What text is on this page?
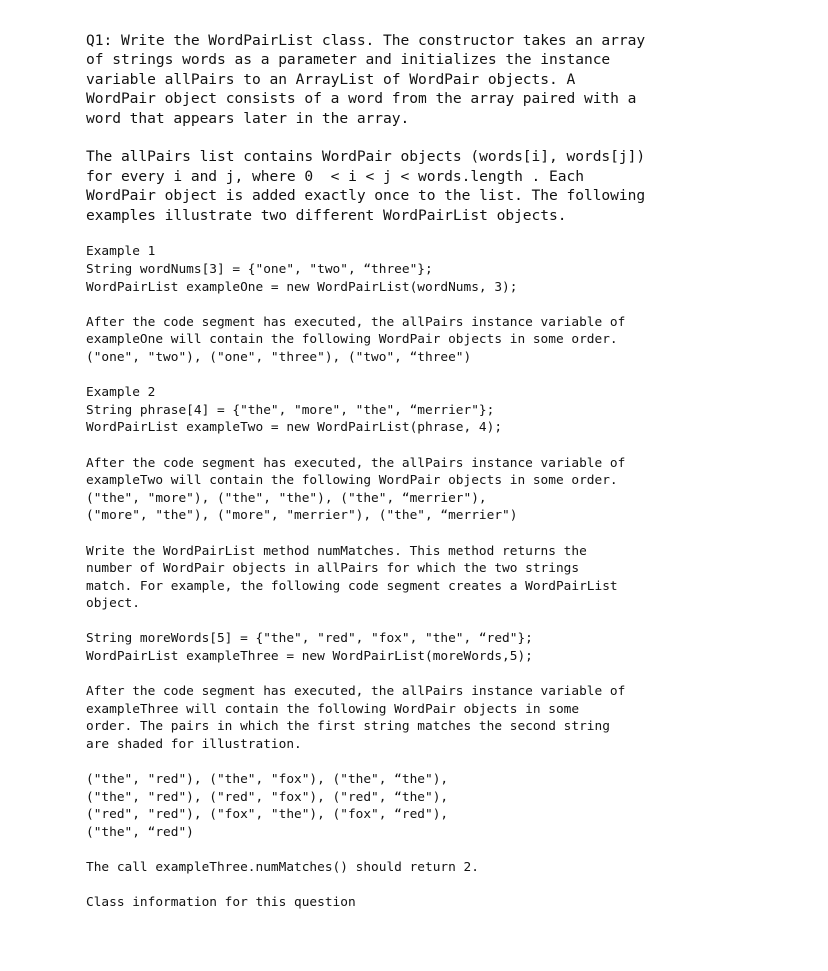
Q1: Write the WordPairList class. The constructor takes an array
of strings words as a parameter and initializes the instance
variable allPairs to an ArrayList of WordPair objects. A
WordPair object consists of a word from the array paired with a
word that appears later in the array.
The allPairs list contains WordPair objects (words[i], words[j])
for every i and j, where 0  < i < j < words.length . Each
WordPair object is added exactly once to the list. The following
examples illustrate two different WordPairList objects.
Example 1
String wordNums[3] = {"one", "two", “three"};
WordPairList exampleOne = new WordPairList(wordNums, 3);
After the code segment has executed, the allPairs instance variable of
exampleOne will contain the following WordPair objects in some order.
("one", "two"), ("one", "three"), ("two", “three")
Example 2
String phrase[4] = {"the", "more", "the", “merrier"};
WordPairList exampleTwo = new WordPairList(phrase, 4);
After the code segment has executed, the allPairs instance variable of
exampleTwo will contain the following WordPair objects in some order.
("the", "more"), ("the", "the"), ("the", “merrier"),
("more", "the"), ("more", "merrier"), ("the", “merrier")
Write the WordPairList method numMatches. This method returns the
number of WordPair objects in allPairs for which the two strings
match. For example, the following code segment creates a WordPairList
object.
String moreWords[5] = {"the", "red", "fox", "the", “red"};
WordPairList exampleThree = new WordPairList(moreWords,5);
After the code segment has executed, the allPairs instance variable of
exampleThree will contain the following WordPair objects in some
order. The pairs in which the first string matches the second string
are shaded for illustration.
("the", "red"), ("the", "fox"), ("the", “the"),
("the", "red"), ("red", "fox"), ("red", “the"),
("red", "red"), ("fox", "the"), ("fox", “red"),
("the", “red")
The call exampleThree.numMatches() should return 2.
Class information for this question
